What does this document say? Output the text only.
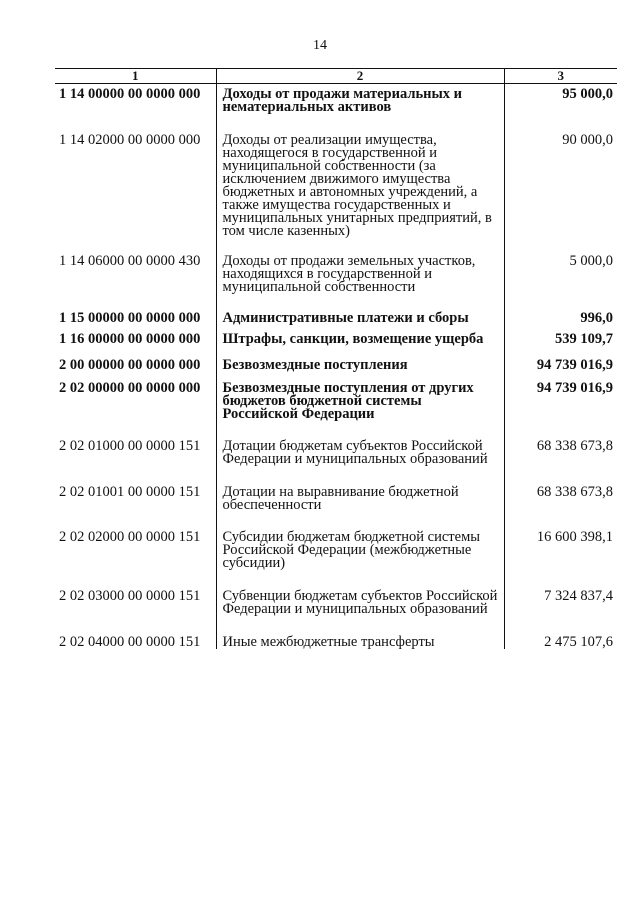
14
1	2	3
1 14 00000 00 0000 000	Доходы от продажи материальных и нематериальных активов	95 000,0
1 14 02000 00 0000 000	Доходы от реализации имущества, находящегося в государственной и муниципальной собственности (за исключением движимого имущества бюджетных и автономных учреждений, а также имущества государственных и муниципальных унитарных предприятий, в том числе казенных)	90 000,0
1 14 06000 00 0000 430	Доходы от продажи земельных участков, находящихся в государственной и муниципальной собственности	5 000,0
1 15 00000 00 0000 000	Административные платежи и сборы	996,0
1 16 00000 00 0000 000	Штрафы, санкции, возмещение ущерба	539 109,7
2 00 00000 00 0000 000	Безвозмездные поступления	94 739 016,9
2 02 00000 00 0000 000	Безвозмездные поступления от других бюджетов бюджетной системы Российской Федерации	94 739 016,9
2 02 01000 00 0000 151	Дотации бюджетам субъектов Российской Федерации и муниципальных образований	68 338 673,8
2 02 01001 00 0000 151	Дотации на выравнивание бюджетной обеспеченности	68 338 673,8
2 02 02000 00 0000 151	Субсидии бюджетам бюджетной системы Российской Федерации (межбюджетные субсидии)	16 600 398,1
2 02 03000 00 0000 151	Субвенции бюджетам субъектов Российской Федерации и муниципальных образований	7 324 837,4
2 02 04000 00 0000 151	Иные межбюджетные трансферты	2 475 107,6
